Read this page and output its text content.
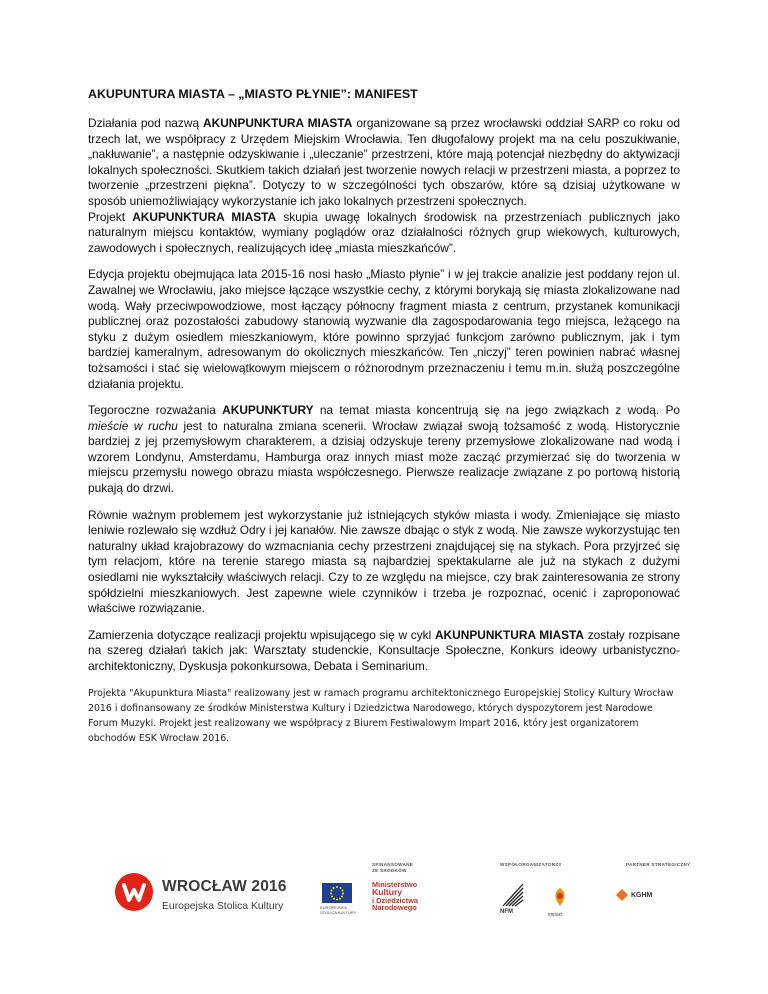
AKUPUNTURA MIASTA – „MIASTO PŁYNIE”: MANIFEST

Działania pod nazwą AKUNPUNKTURA MIASTA organizowane są przez wrocławski oddział SARP co roku od trzech lat, we współpracy z Urzędem Miejskim Wrocławia. Ten długofalowy projekt ma na celu poszukiwanie, „nakłuwanie”, a następnie odzyskiwanie i „uleczanie” przestrzeni, które mają potencjał niezbędny do aktywizacji lokalnych społeczności. Skutkiem takich działań jest tworzenie nowych relacji w przestrzeni miasta, a poprzez to tworzenie „przestrzeni piękna”. Dotyczy to w szczególności tych obszarów, które są dzisiaj użytkowane w sposób uniemożliwiający wykorzystanie ich jako lokalnych przestrzeni społecznych.

Projekt AKUPUNKTURA MIASTA skupia uwagę lokalnych środowisk na przestrzeniach publicznych jako naturalnym miejscu kontaktów, wymiany poglądów oraz działalności różnych grup wiekowych, kulturowych, zawodowych i społecznych, realizujących ideę „miasta mieszkańców”.

Edycja projektu obejmująca lata 2015-16 nosi hasło „Miasto płynie” i w jej trakcie analizie jest poddany rejon ul. Zawalnej we Wrocławiu, jako miejsce łączące wszystkie cechy, z którymi borykają się miasta zlokalizowane nad wodą. Wały przeciwpowodziowe, most łączący północny fragment miasta z centrum, przystanek komunikacji publicznej oraz pozostałości zabudowy stanowią wyzwanie dla zagospodarowania tego miejsca, leżącego na styku z dużym osiedlem mieszkaniowym, które powinno sprzyjać funkcjom zarówno publicznym, jak i tym bardziej kameralnym, adresowanym do okolicznych mieszkańców. Ten „niczyj” teren powinien nabrać własnej tożsamości i stać się wielowątkowym miejscem o różnorodnym przeznaczeniu i temu m.in. służą poszczególne działania projektu.

Tegoroczne rozważania AKUPUNKTURY na temat miasta koncentrują się na jego związkach z wodą. Po mieście w ruchu jest to naturalna zmiana scenerii. Wrocław związał swoją tożsamość z wodą. Historycznie bardziej z jej przemysłowym charakterem, a dzisiaj odzyskuje tereny przemysłowe zlokalizowane nad wodą i wzorem Londynu, Amsterdamu, Hamburga oraz innych miast może zacząć przymierzać się do tworzenia w miejscu przemysłu nowego obrazu miasta współczesnego. Pierwsze realizacje związane z po portową historią pukają do drzwi.

Równie ważnym problemem jest wykorzystanie już istniejących styków miasta i wody. Zmieniające się miasto leniwie rozlewało się wzdłuż Odry i jej kanałów. Nie zawsze dbając o styk z wodą. Nie zawsze wykorzystując ten naturalny układ krajobrazowy do wzmacniania cechy przestrzeni znajdującej się na stykach. Pora przyjrzeć się tym relacjom, które na terenie starego miasta są najbardziej spektakularne ale już na stykach z dużymi osiedlami nie wykształciły właściwych relacji. Czy to ze względu na miejsce, czy brak zainteresowania ze strony spółdzielni mieszkaniowych. Jest zapewne wiele czynników i trzeba je rozpoznać, ocenić i zaproponować właściwe rozwiązanie.

Zamierzenia dotyczące realizacji projektu wpisującego się w cykl AKUNPUNKTURA MIASTA zostały rozpisane na szereg działań takich jak: Warsztaty studenckie, Konsultacje Społeczne, Konkurs ideowy urbanistyczno-architektoniczny, Dyskusja pokonkursowa, Debata i Seminarium.

Projekta "Akupunktura Miasta" realizowany jest w ramach programu architektonicznego Europejskiej Stolicy Kultury Wrocław 2016 i dofinansowany ze środków Ministerstwa Kultury i Dziedzictwa Narodowego, których dyspozytorem jest Narodowe Forum Muzyki. Projekt jest realizowany we współpracy z Biurem Festiwalowym Impart 2016, który jest organizatorem obchodów ESK Wrocław 2016.

SFINANSOWANE
ZE ŚRODKÓW
WSPÓŁORGANIZATORZY	PARTNER STRATEGICZNY
WROCŁAW 2016
Europejska Stolica Kultury	EUROPEJSKA STOLICA KULTURY
Ministerstwo
Kultury
i Dziedzictwa
Narodowego	NFM	impart
KGHM
